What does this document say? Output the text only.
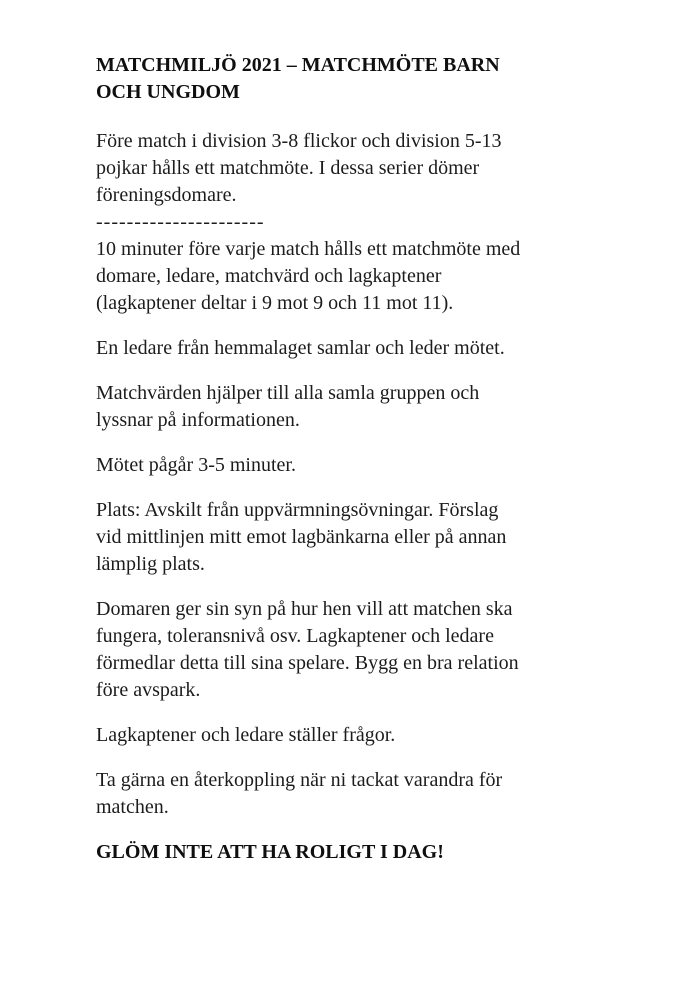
MATCHMILJÖ 2021 – MATCHMÖTE BARN
OCH UNGDOM
Före match i division 3-8 flickor och division 5-13
pojkar hålls ett matchmöte. I dessa serier dömer
föreningsdomare.
----------------------
10 minuter före varje match hålls ett matchmöte med
domare, ledare, matchvärd och lagkaptener
(lagkaptener deltar i 9 mot 9 och 11 mot 11).
En ledare från hemmalaget samlar och leder mötet.
Matchvärden hjälper till alla samla gruppen och
lyssnar på informationen.
Mötet pågår 3-5 minuter.
Plats: Avskilt från uppvärmningsövningar. Förslag
vid mittlinjen mitt emot lagbänkarna eller på annan
lämplig plats.
Domaren ger sin syn på hur hen vill att matchen ska
fungera, toleransnivå osv. Lagkaptener och ledare
förmedlar detta till sina spelare. Bygg en bra relation
före avspark.
Lagkaptener och ledare ställer frågor.
Ta gärna en återkoppling när ni tackat varandra för
matchen.
GLÖM INTE ATT HA ROLIGT I DAG!
